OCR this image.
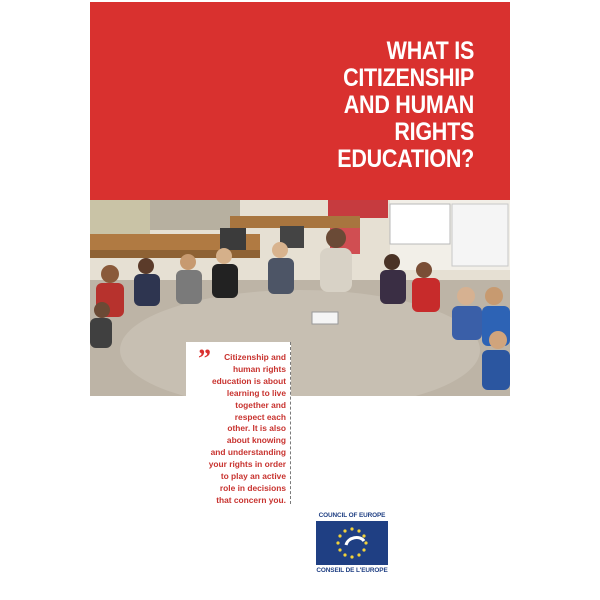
WHAT IS
CITIZENSHIP
AND HUMAN
RIGHTS
EDUCATION?
”	Citizenship and
human rights
education is about
learning to live
together and
respect each
other. It is also
about knowing
and understanding
your rights in order
to play an active
role in decisions
that concern you.
COUNCIL OF EUROPE
CONSEIL DE L'EUROPE
